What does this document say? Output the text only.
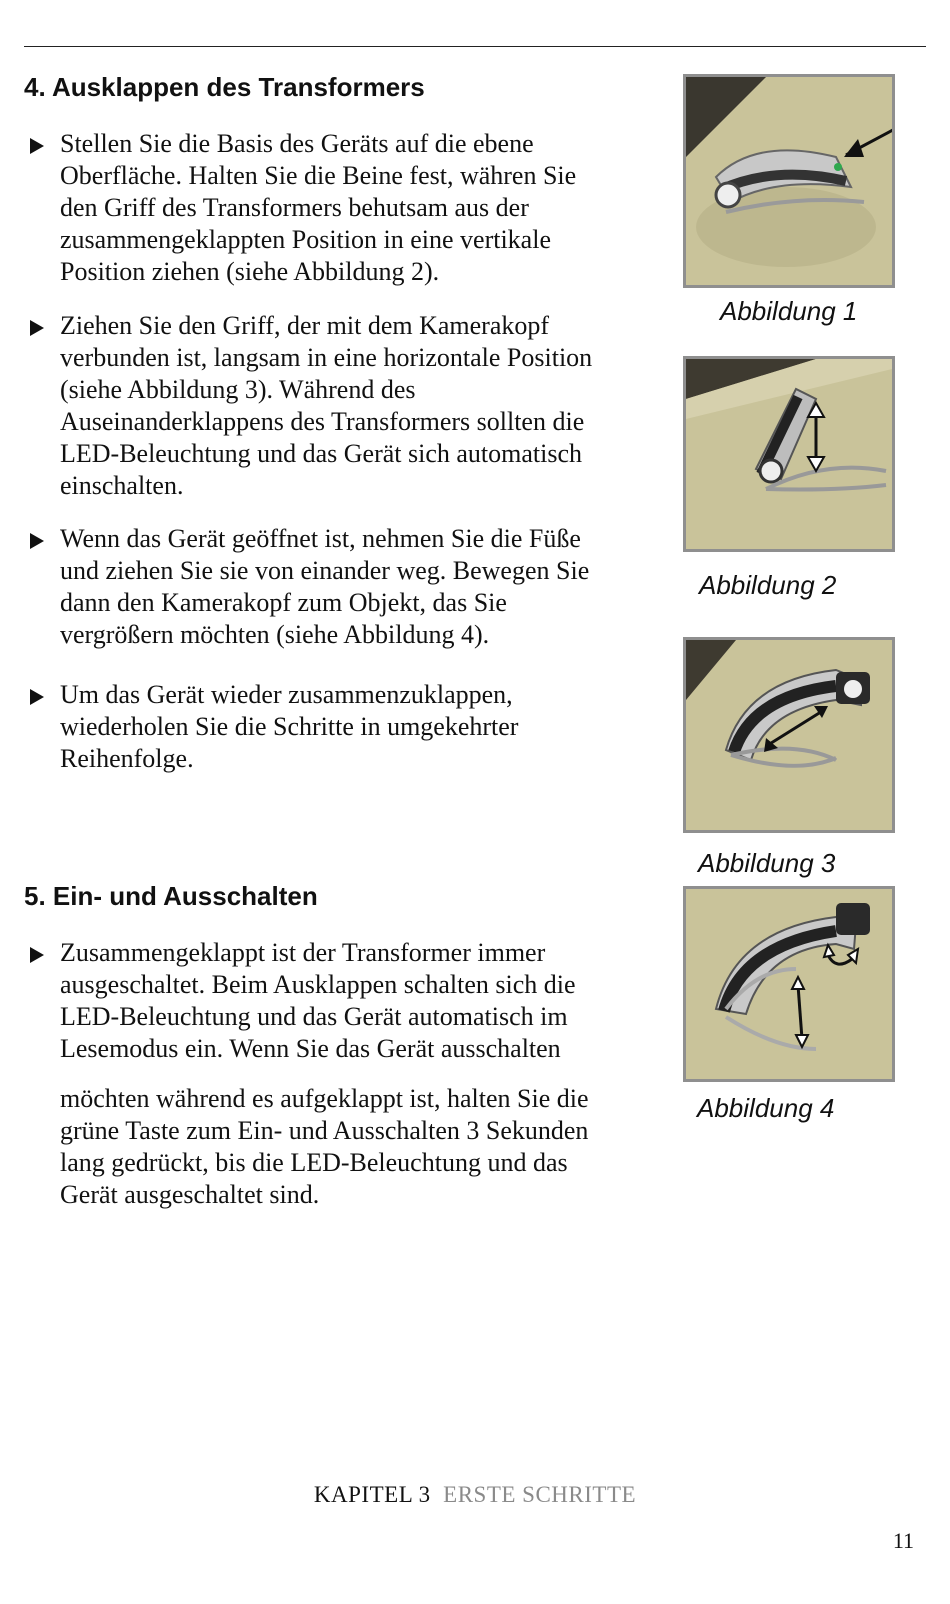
4. Ausklappen des Transformers
Stellen Sie die Basis des Geräts auf die ebene
Oberfläche. Halten Sie die Beine fest, währen Sie
den Griff des Transformers behutsam aus der
zusammengeklappten Position in eine vertikale
Position ziehen (siehe Abbildung 2).
Ziehen Sie den Griff, der mit dem Kamerakopf
verbunden ist, langsam in eine horizontale Position
(siehe Abbildung 3). Während des
Auseinanderklappens des Transformers sollten die
LED-Beleuchtung und das Gerät sich automatisch
einschalten.
Wenn das Gerät geöffnet ist, nehmen Sie die Füße
und ziehen Sie sie von einander weg. Bewegen Sie
dann den Kamerakopf zum Objekt, das Sie
vergrößern möchten (siehe Abbildung 4).
Um das Gerät wieder zusammenzuklappen,
wiederholen Sie die Schritte in umgekehrter
Reihenfolge.
5. Ein- und Ausschalten
Zusammengeklappt ist der Transformer immer
ausgeschaltet. Beim Ausklappen schalten sich die
LED-Beleuchtung und das Gerät automatisch im
Lesemodus ein. Wenn Sie das Gerät ausschalten
möchten während es aufgeklappt ist, halten Sie die
grüne Taste zum Ein- und Ausschalten 3 Sekunden
lang gedrückt, bis die LED-Beleuchtung und das
Gerät ausgeschaltet sind.
Abbildung 1
Abbildung 2
Abbildung 3
Abbildung 4
KAPITEL 3 ERSTE SCHRITTE
11
